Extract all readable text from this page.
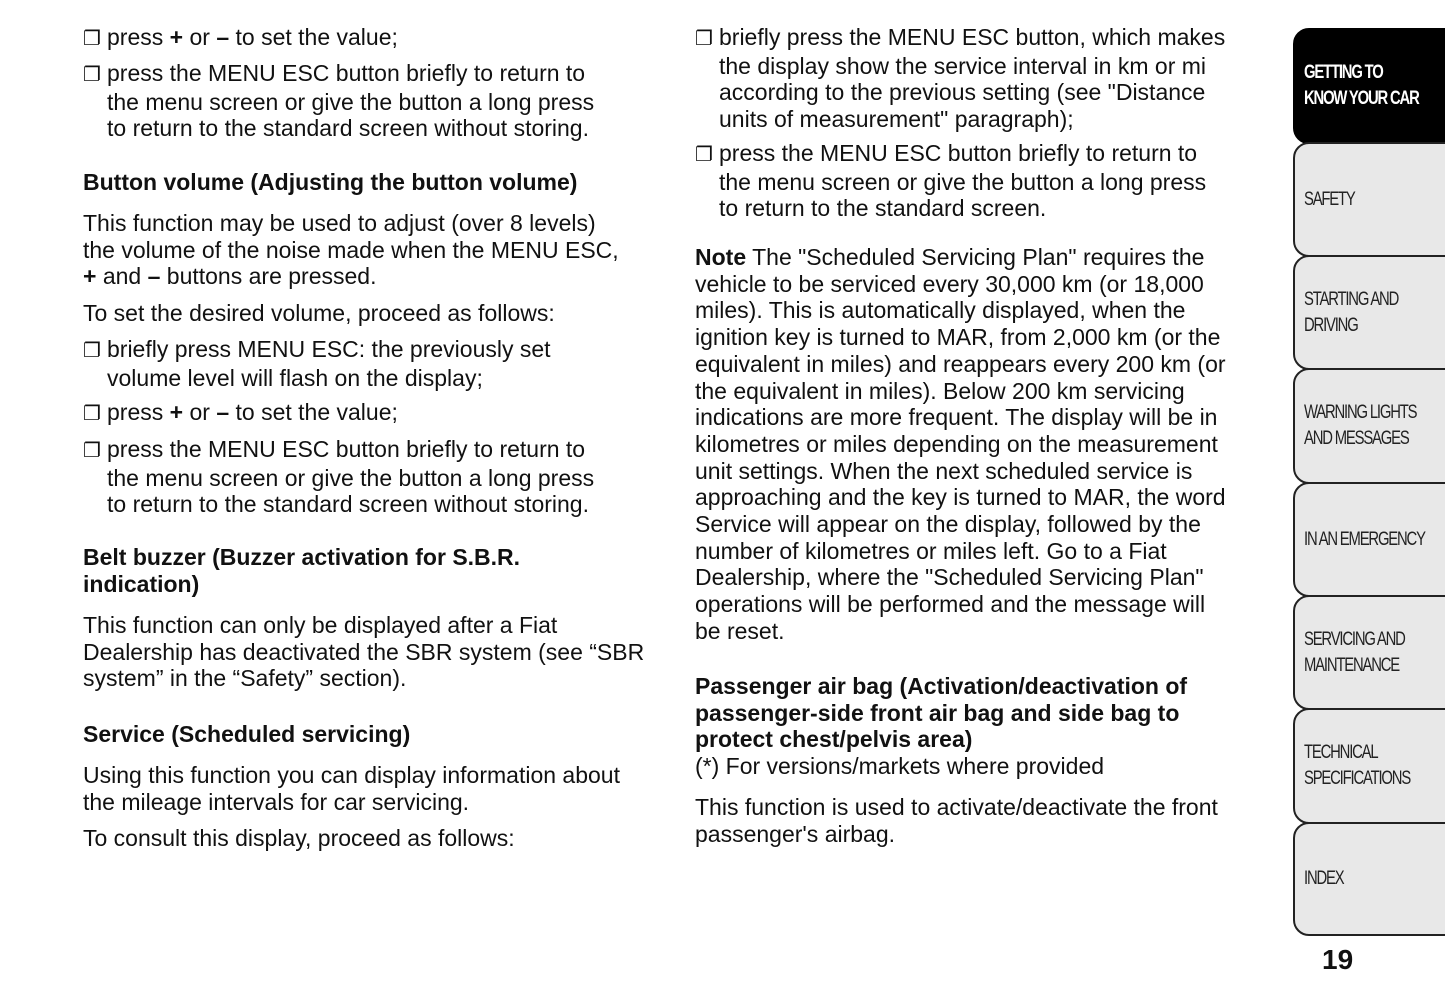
❐ press + or – to set the value;
❐ press the MENU ESC button briefly to return to
the menu screen or give the button a long press
to return to the standard screen without storing.
Button volume (Adjusting the button volume)
This function may be used to adjust (over 8 levels)
the volume of the noise made when the MENU ESC,
+ and – buttons are pressed.
To set the desired volume, proceed as follows:
❐ briefly press MENU ESC: the previously set
volume level will flash on the display;
❐ press + or – to set the value;
❐ press the MENU ESC button briefly to return to
the menu screen or give the button a long press
to return to the standard screen without storing.
Belt buzzer (Buzzer activation for S.B.R.
indication)
This function can only be displayed after a Fiat
Dealership has deactivated the SBR system (see “SBR
system” in the “Safety” section).
Service (Scheduled servicing)
Using this function you can display information about
the mileage intervals for car servicing.
To consult this display, proceed as follows:
❐ briefly press the MENU ESC button, which makes
the display show the service interval in km or mi
according to the previous setting (see "Distance
units of measurement" paragraph);
❐ press the MENU ESC button briefly to return to
the menu screen or give the button a long press
to return to the standard screen.
Note The "Scheduled Servicing Plan" requires the
vehicle to be serviced every 30,000 km (or 18,000
miles). This is automatically displayed, when the
ignition key is turned to MAR, from 2,000 km (or the
equivalent in miles) and reappears every 200 km (or
the equivalent in miles). Below 200 km servicing
indications are more frequent. The display will be in
kilometres or miles depending on the measurement
unit settings. When the next scheduled service is
approaching and the key is turned to MAR, the word
Service will appear on the display, followed by the
number of kilometres or miles left. Go to a Fiat
Dealership, where the "Scheduled Servicing Plan"
operations will be performed and the message will
be reset.
Passenger air bag (Activation/deactivation of
passenger-side front air bag and side bag to
protect chest/pelvis area)
(*) For versions/markets where provided
This function is used to activate/deactivate the front
passenger's airbag.
GETTING TO
KNOW YOUR CAR
SAFETY
STARTING AND
DRIVING
WARNING LIGHTS
AND MESSAGES
IN AN EMERGENCY
SERVICING AND
MAINTENANCE
TECHNICAL
SPECIFICATIONS
INDEX
19
